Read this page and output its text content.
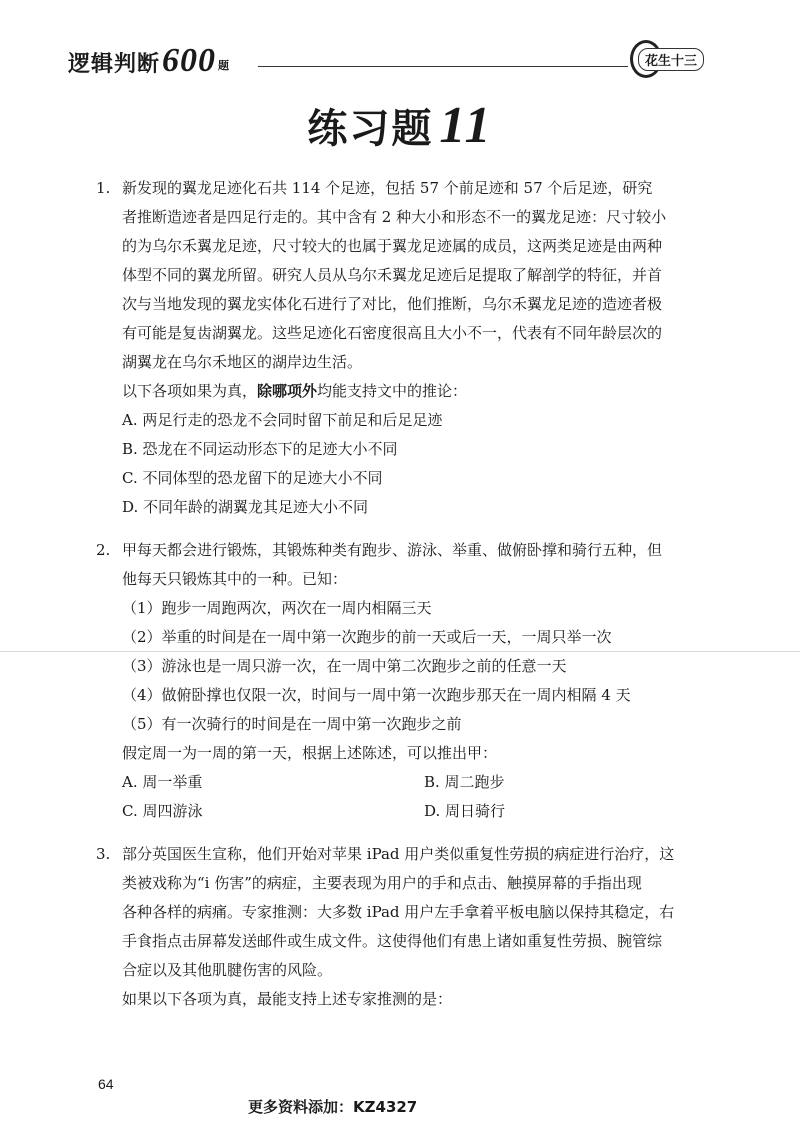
逻辑判断600 题	花生十三
练习题 11
1. 新发现的翼龙足迹化石共 114 个足迹，包括 57 个前足迹和 57 个后足迹，研究
者推断造迹者是四足行走的。其中含有 2 种大小和形态不一的翼龙足迹：尺寸较小
的为乌尔禾翼龙足迹，尺寸较大的也属于翼龙足迹属的成员，这两类足迹是由两种
体型不同的翼龙所留。研究人员从乌尔禾翼龙足迹后足提取了解剖学的特征，并首
次与当地发现的翼龙实体化石进行了对比，他们推断，乌尔禾翼龙足迹的造迹者极
有可能是复齿湖翼龙。这些足迹化石密度很高且大小不一，代表有不同年龄层次的
湖翼龙在乌尔禾地区的湖岸边生活。
以下各项如果为真，除哪项外均能支持文中的推论：
A. 两足行走的恐龙不会同时留下前足和后足足迹
B. 恐龙在不同运动形态下的足迹大小不同
C. 不同体型的恐龙留下的足迹大小不同
D. 不同年龄的湖翼龙其足迹大小不同
2. 甲每天都会进行锻炼，其锻炼种类有跑步、游泳、举重、做俯卧撑和骑行五种，但
他每天只锻炼其中的一种。已知：
（1）跑步一周跑两次，两次在一周内相隔三天
（2）举重的时间是在一周中第一次跑步的前一天或后一天，一周只举一次
（3）游泳也是一周只游一次，在一周中第二次跑步之前的任意一天
（4）做俯卧撑也仅限一次，时间与一周中第一次跑步那天在一周内相隔 4 天
（5）有一次骑行的时间是在一周中第一次跑步之前
假定周一为一周的第一天，根据上述陈述，可以推出甲：
A. 周一举重	B. 周二跑步
C. 周四游泳	D. 周日骑行
3. 部分英国医生宣称，他们开始对苹果 iPad 用户类似重复性劳损的病症进行治疗，这
类被戏称为“i 伤害”的病症，主要表现为用户的手和点击、触摸屏幕的手指出现
各种各样的病痛。专家推测：大多数 iPad 用户左手拿着平板电脑以保持其稳定，右
手食指点击屏幕发送邮件或生成文件。这使得他们有患上诸如重复性劳损、腕管综
合症以及其他肌腱伤害的风险。
如果以下各项为真，最能支持上述专家推测的是：
64
更多资料添加：KZ4327
